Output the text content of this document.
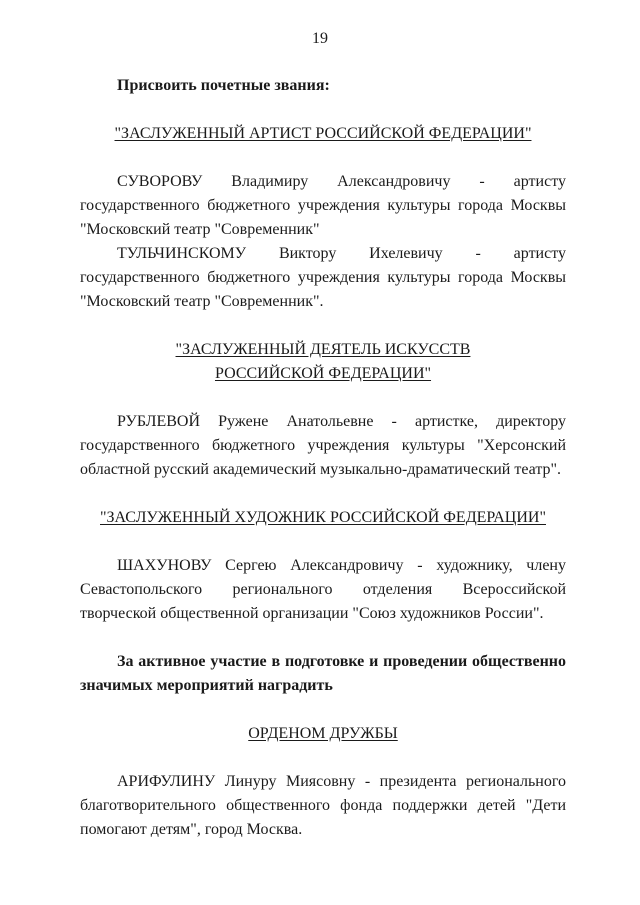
19

Присвоить почетные звания:

"ЗАСЛУЖЕННЫЙ АРТИСТ РОССИЙСКОЙ ФЕДЕРАЦИИ"

СУВОРОВУ Владимиру Александровичу - артисту государственного бюджетного учреждения культуры города Москвы "Московский театр "Современник"

ТУЛЬЧИНСКОМУ Виктору Ихелевичу - артисту государственного бюджетного учреждения культуры города Москвы "Московский театр "Современник".

"ЗАСЛУЖЕННЫЙ ДЕЯТЕЛЬ ИСКУССТВ

РОССИЙСКОЙ ФЕДЕРАЦИИ"

РУБЛЕВОЙ Ружене Анатольевне - артистке, директору государственного бюджетного учреждения культуры "Херсонский областной русский академический музыкально-драматический театр".

"ЗАСЛУЖЕННЫЙ ХУДОЖНИК РОССИЙСКОЙ ФЕДЕРАЦИИ"

ШАХУНОВУ Сергею Александровичу - художнику, члену Севастопольского регионального отделения Всероссийской творческой общественной организации "Союз художников России".

За активное участие в подготовке и проведении общественно значимых мероприятий наградить

ОРДЕНОМ ДРУЖБЫ

АРИФУЛИНУ Линуру Миясовну - президента регионального благотворительного общественного фонда поддержки детей "Дети помогают детям", город Москва.
